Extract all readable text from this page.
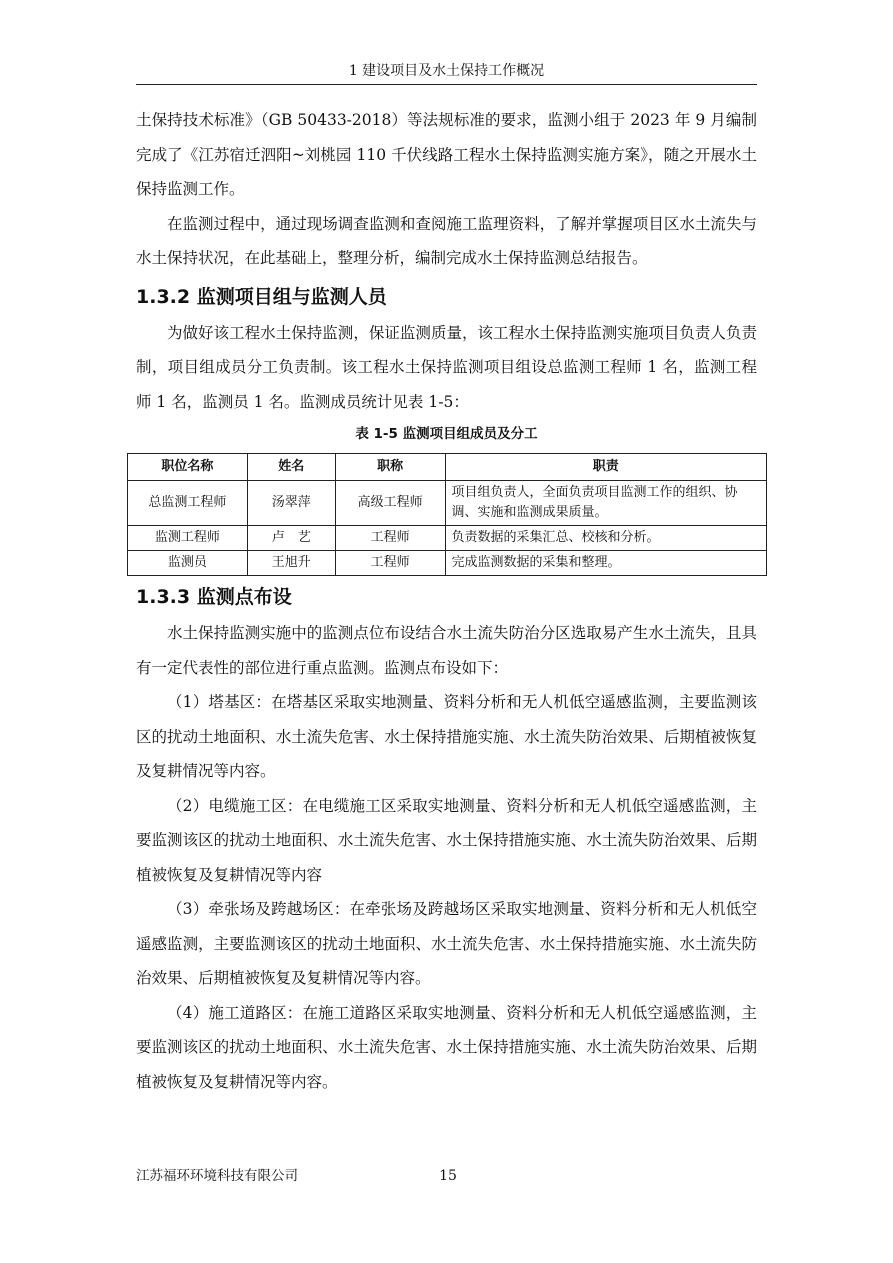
1 建设项目及水土保持工作概况

土保持技术标准》（GB 50433-2018）等法规标准的要求，监测小组于 2023 年 9 月编制完成了《江苏宿迁泗阳~刘桃园 110 千伏线路工程水土保持监测实施方案》，随之开展水土保持监测工作。

在监测过程中，通过现场调查监测和查阅施工监理资料，了解并掌握项目区水土流失与水土保持状况，在此基础上，整理分析，编制完成水土保持监测总结报告。

1.3.2 监测项目组与监测人员

为做好该工程水土保持监测，保证监测质量，该工程水土保持监测实施项目负责人负责制，项目组成员分工负责制。该工程水土保持监测项目组设总监测工程师 1 名，监测工程师 1 名，监测员 1 名。监测成员统计见表 1-5：

表 1-5 监测项目组成员及分工
职位名称	姓名	职称	职责
总监测工程师	汤翠萍	高级工程师	项目组负责人，全面负责项目监测工作的组织、协调、实施和监测成果质量。
监测工程师	卢　艺	工程师	负责数据的采集汇总、校核和分析。
监测员	王旭升	工程师	完成监测数据的采集和整理。
1.3.3 监测点布设

水土保持监测实施中的监测点位布设结合水土流失防治分区选取易产生水土流失，且具有一定代表性的部位进行重点监测。监测点布设如下：

（1）塔基区：在塔基区采取实地测量、资料分析和无人机低空遥感监测，主要监测该区的扰动土地面积、水土流失危害、水土保持措施实施、水土流失防治效果、后期植被恢复及复耕情况等内容。

（2）电缆施工区：在电缆施工区采取实地测量、资料分析和无人机低空遥感监测，主要监测该区的扰动土地面积、水土流失危害、水土保持措施实施、水土流失防治效果、后期植被恢复及复耕情况等内容

（3）牵张场及跨越场区：在牵张场及跨越场区采取实地测量、资料分析和无人机低空遥感监测，主要监测该区的扰动土地面积、水土流失危害、水土保持措施实施、水土流失防治效果、后期植被恢复及复耕情况等内容。

（4）施工道路区：在施工道路区采取实地测量、资料分析和无人机低空遥感监测，主要监测该区的扰动土地面积、水土流失危害、水土保持措施实施、水土流失防治效果、后期植被恢复及复耕情况等内容。

江苏福环环境科技有限公司	15
